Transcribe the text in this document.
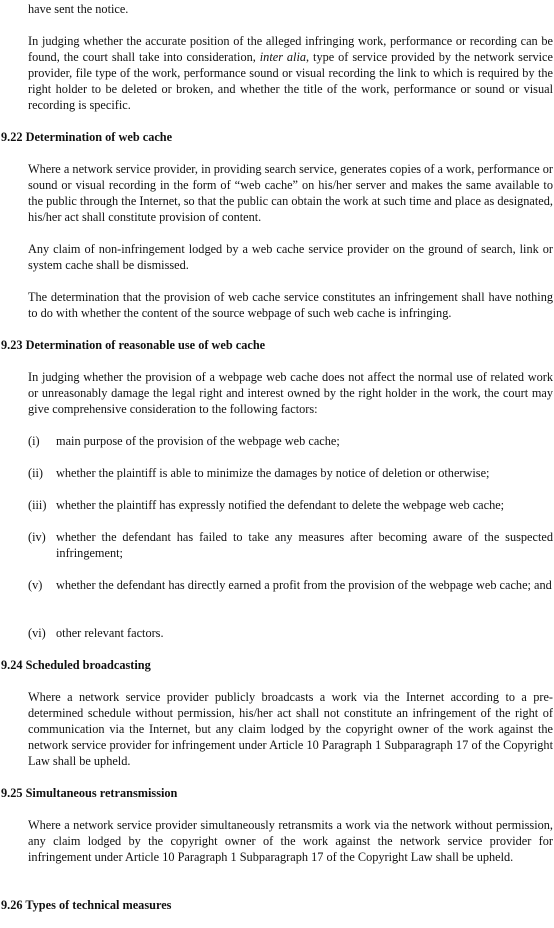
have sent the notice.

In judging whether the accurate position of the alleged infringing work, performance or recording can be found, the court shall take into consideration, inter alia, type of service provided by the network service provider, file type of the work, performance sound or visual recording the link to which is required by the right holder to be deleted or broken, and whether the title of the work, performance or sound or visual recording is specific.

9.22 Determination of web cache

Where a network service provider, in providing search service, generates copies of a work, performance or sound or visual recording in the form of “web cache” on his/her server and makes the same available to the public through the Internet, so that the public can obtain the work at such time and place as designated, his/her act shall constitute provision of content.

Any claim of non-infringement lodged by a web cache service provider on the ground of search, link or system cache shall be dismissed.

The determination that the provision of web cache service constitutes an infringement shall have nothing to do with whether the content of the source webpage of such web cache is infringing.

9.23 Determination of reasonable use of web cache

In judging whether the provision of a webpage web cache does not affect the normal use of related work or unreasonably damage the legal right and interest owned by the right holder in the work, the court may give comprehensive consideration to the following factors:

(i) main purpose of the provision of the webpage web cache;
(ii) whether the plaintiff is able to minimize the damages by notice of deletion or otherwise;
(iii) whether the plaintiff has expressly notified the defendant to delete the webpage web cache;
(iv) whether the defendant has failed to take any measures after becoming aware of the suspected infringement;
(v) whether the defendant has directly earned a profit from the provision of the webpage web cache; and
(vi) other relevant factors.
9.24 Scheduled broadcasting

Where a network service provider publicly broadcasts a work via the Internet according to a pre-determined schedule without permission, his/her act shall not constitute an infringement of the right of communication via the Internet, but any claim lodged by the copyright owner of the work against the network service provider for infringement under Article 10 Paragraph 1 Subparagraph 17 of the Copyright Law shall be upheld.

9.25 Simultaneous retransmission

Where a network service provider simultaneously retransmits a work via the network without permission, any claim lodged by the copyright owner of the work against the network service provider for infringement under Article 10 Paragraph 1 Subparagraph 17 of the Copyright Law shall be upheld.

9.26 Types of technical measures
